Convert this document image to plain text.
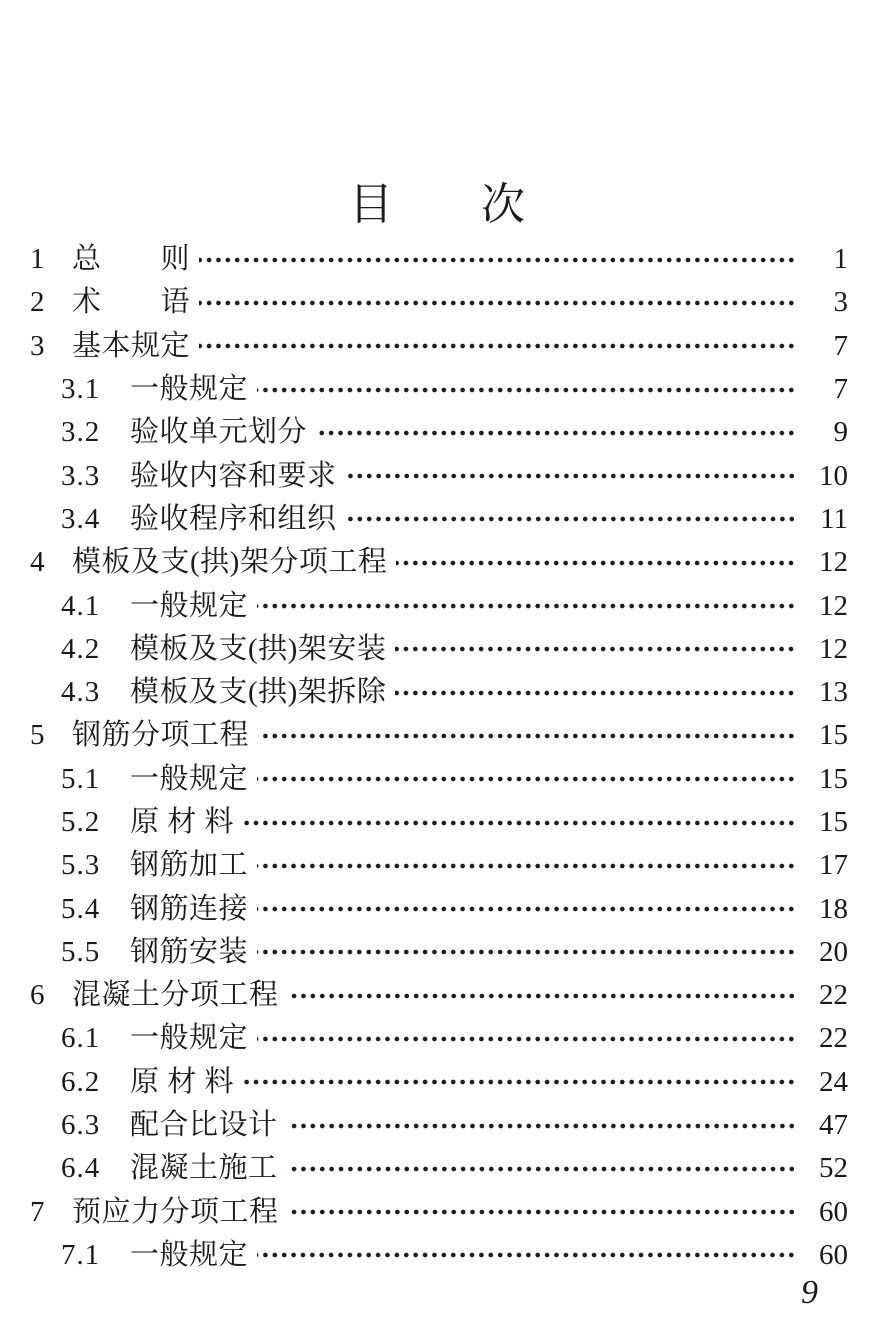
目　　次
1 总　　则	1
2 术　　语	3
3 基本规定	7
3.1	一般规定	7
3.2	验收单元划分	9
3.3	验收内容和要求	10
3.4	验收程序和组织	11
4 模板及支(拱)架分项工程	12
4.1	一般规定	12
4.2	模板及支(拱)架安装	12
4.3	模板及支(拱)架拆除	13
5 钢筋分项工程	15
5.1	一般规定	15
5.2	原 材 料	15
5.3	钢筋加工	17
5.4	钢筋连接	18
5.5	钢筋安装	20
6 混凝土分项工程	22
6.1	一般规定	22
6.2	原 材 料	24
6.3	配合比设计	47
6.4	混凝土施工	52
7 预应力分项工程	60
7.1	一般规定	60
9
